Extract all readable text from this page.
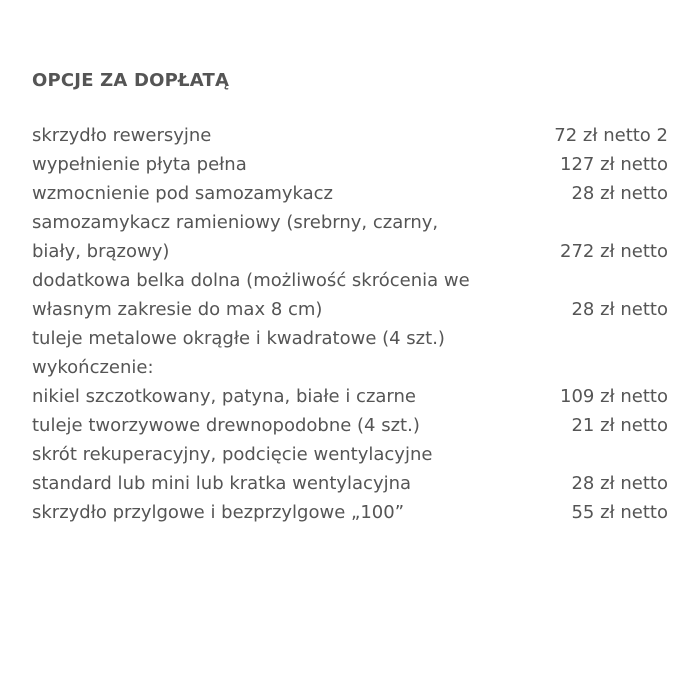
OPCJE ZA DOPŁATĄ
skrzydło rewersyjne	72 zł netto 2
wypełnienie płyta pełna	127 zł netto
wzmocnienie pod samozamykacz	28 zł netto
samozamykacz ramieniowy (srebrny, czarny,
biały, brązowy)	272 zł netto
dodatkowa belka dolna (możliwość skrócenia we
własnym zakresie do max 8 cm)	28 zł netto
tuleje metalowe okrągłe i kwadratowe (4 szt.)
wykończenie:
nikiel szczotkowany, patyna, białe i czarne	109 zł netto
tuleje tworzywowe drewnopodobne (4 szt.)	21 zł netto
skrót rekuperacyjny, podcięcie wentylacyjne
standard lub mini lub kratka wentylacyjna	28 zł netto
skrzydło przylgowe i bezprzylgowe „100”	55 zł netto
